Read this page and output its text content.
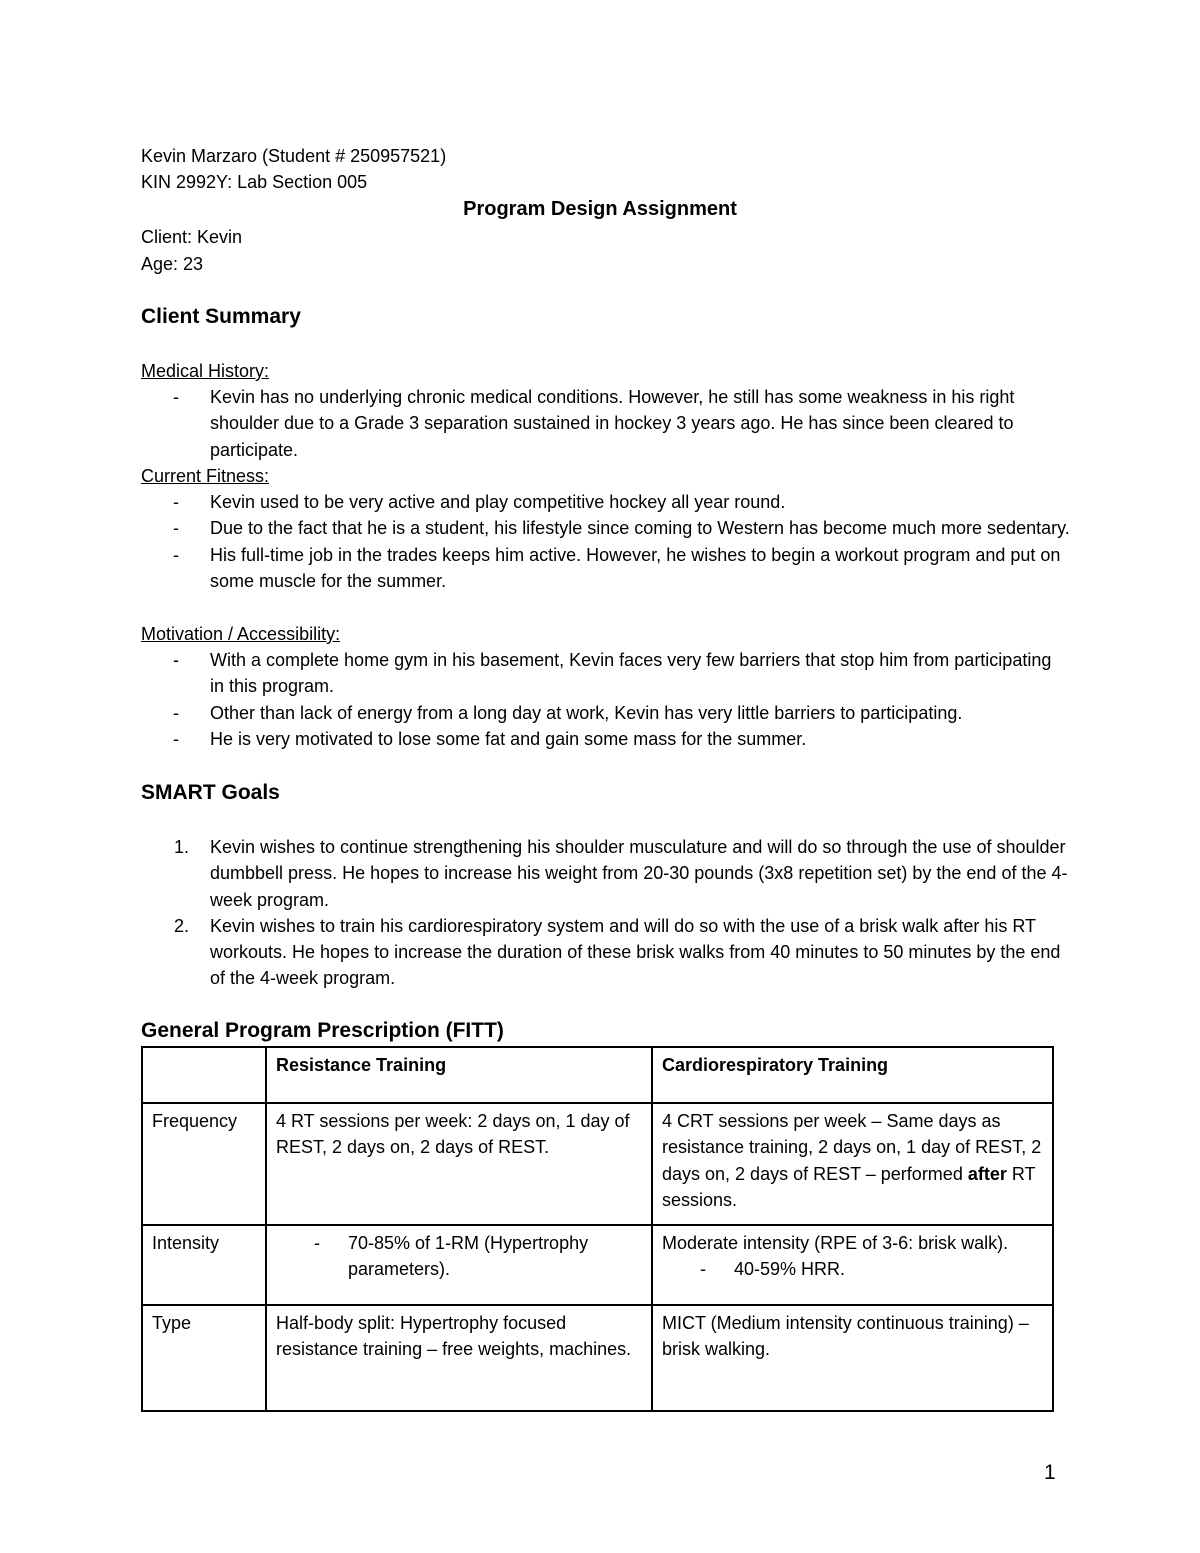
Kevin Marzaro (Student # 250957521)
KIN 2992Y: Lab Section 005
Program Design Assignment
Client: Kevin
Age: 23
Client Summary
Medical History:
- Kevin has no underlying chronic medical conditions. However, he still has some weakness in his right shoulder due to a Grade 3 separation sustained in hockey 3 years ago. He has since been cleared to participate.
Current Fitness:
- Kevin used to be very active and play competitive hockey all year round.
- Due to the fact that he is a student, his lifestyle since coming to Western has become much more sedentary.
- His full-time job in the trades keeps him active. However, he wishes to begin a workout program and put on some muscle for the summer.
Motivation / Accessibility:
- With a complete home gym in his basement, Kevin faces very few barriers that stop him from participating in this program.
- Other than lack of energy from a long day at work, Kevin has very little barriers to participating.
- He is very motivated to lose some fat and gain some mass for the summer.
SMART Goals
1. Kevin wishes to continue strengthening his shoulder musculature and will do so through the use of shoulder dumbbell press. He hopes to increase his weight from 20-30 pounds (3x8 repetition set) by the end of the 4-week program.
2. Kevin wishes to train his cardiorespiratory system and will do so with the use of a brisk walk after his RT workouts. He hopes to increase the duration of these brisk walks from 40 minutes to 50 minutes by the end of the 4-week program.
General Program Prescription (FITT)
	Resistance Training	Cardiorespiratory Training
Frequency	4 RT sessions per week: 2 days on, 1 day of REST, 2 days on, 2 days of REST.	4 CRT sessions per week – Same days as resistance training, 2 days on, 1 day of REST, 2 days on, 2 days of REST – performed after RT sessions.
Intensity	- 70-85% of 1-RM (Hypertrophy parameters).	Moderate intensity (RPE of 3-6: brisk walk).
- 40-59% HRR.

Type	Half-body split: Hypertrophy focused resistance training – free weights, machines.	MICT (Medium intensity continuous training) – brisk walking.
1
